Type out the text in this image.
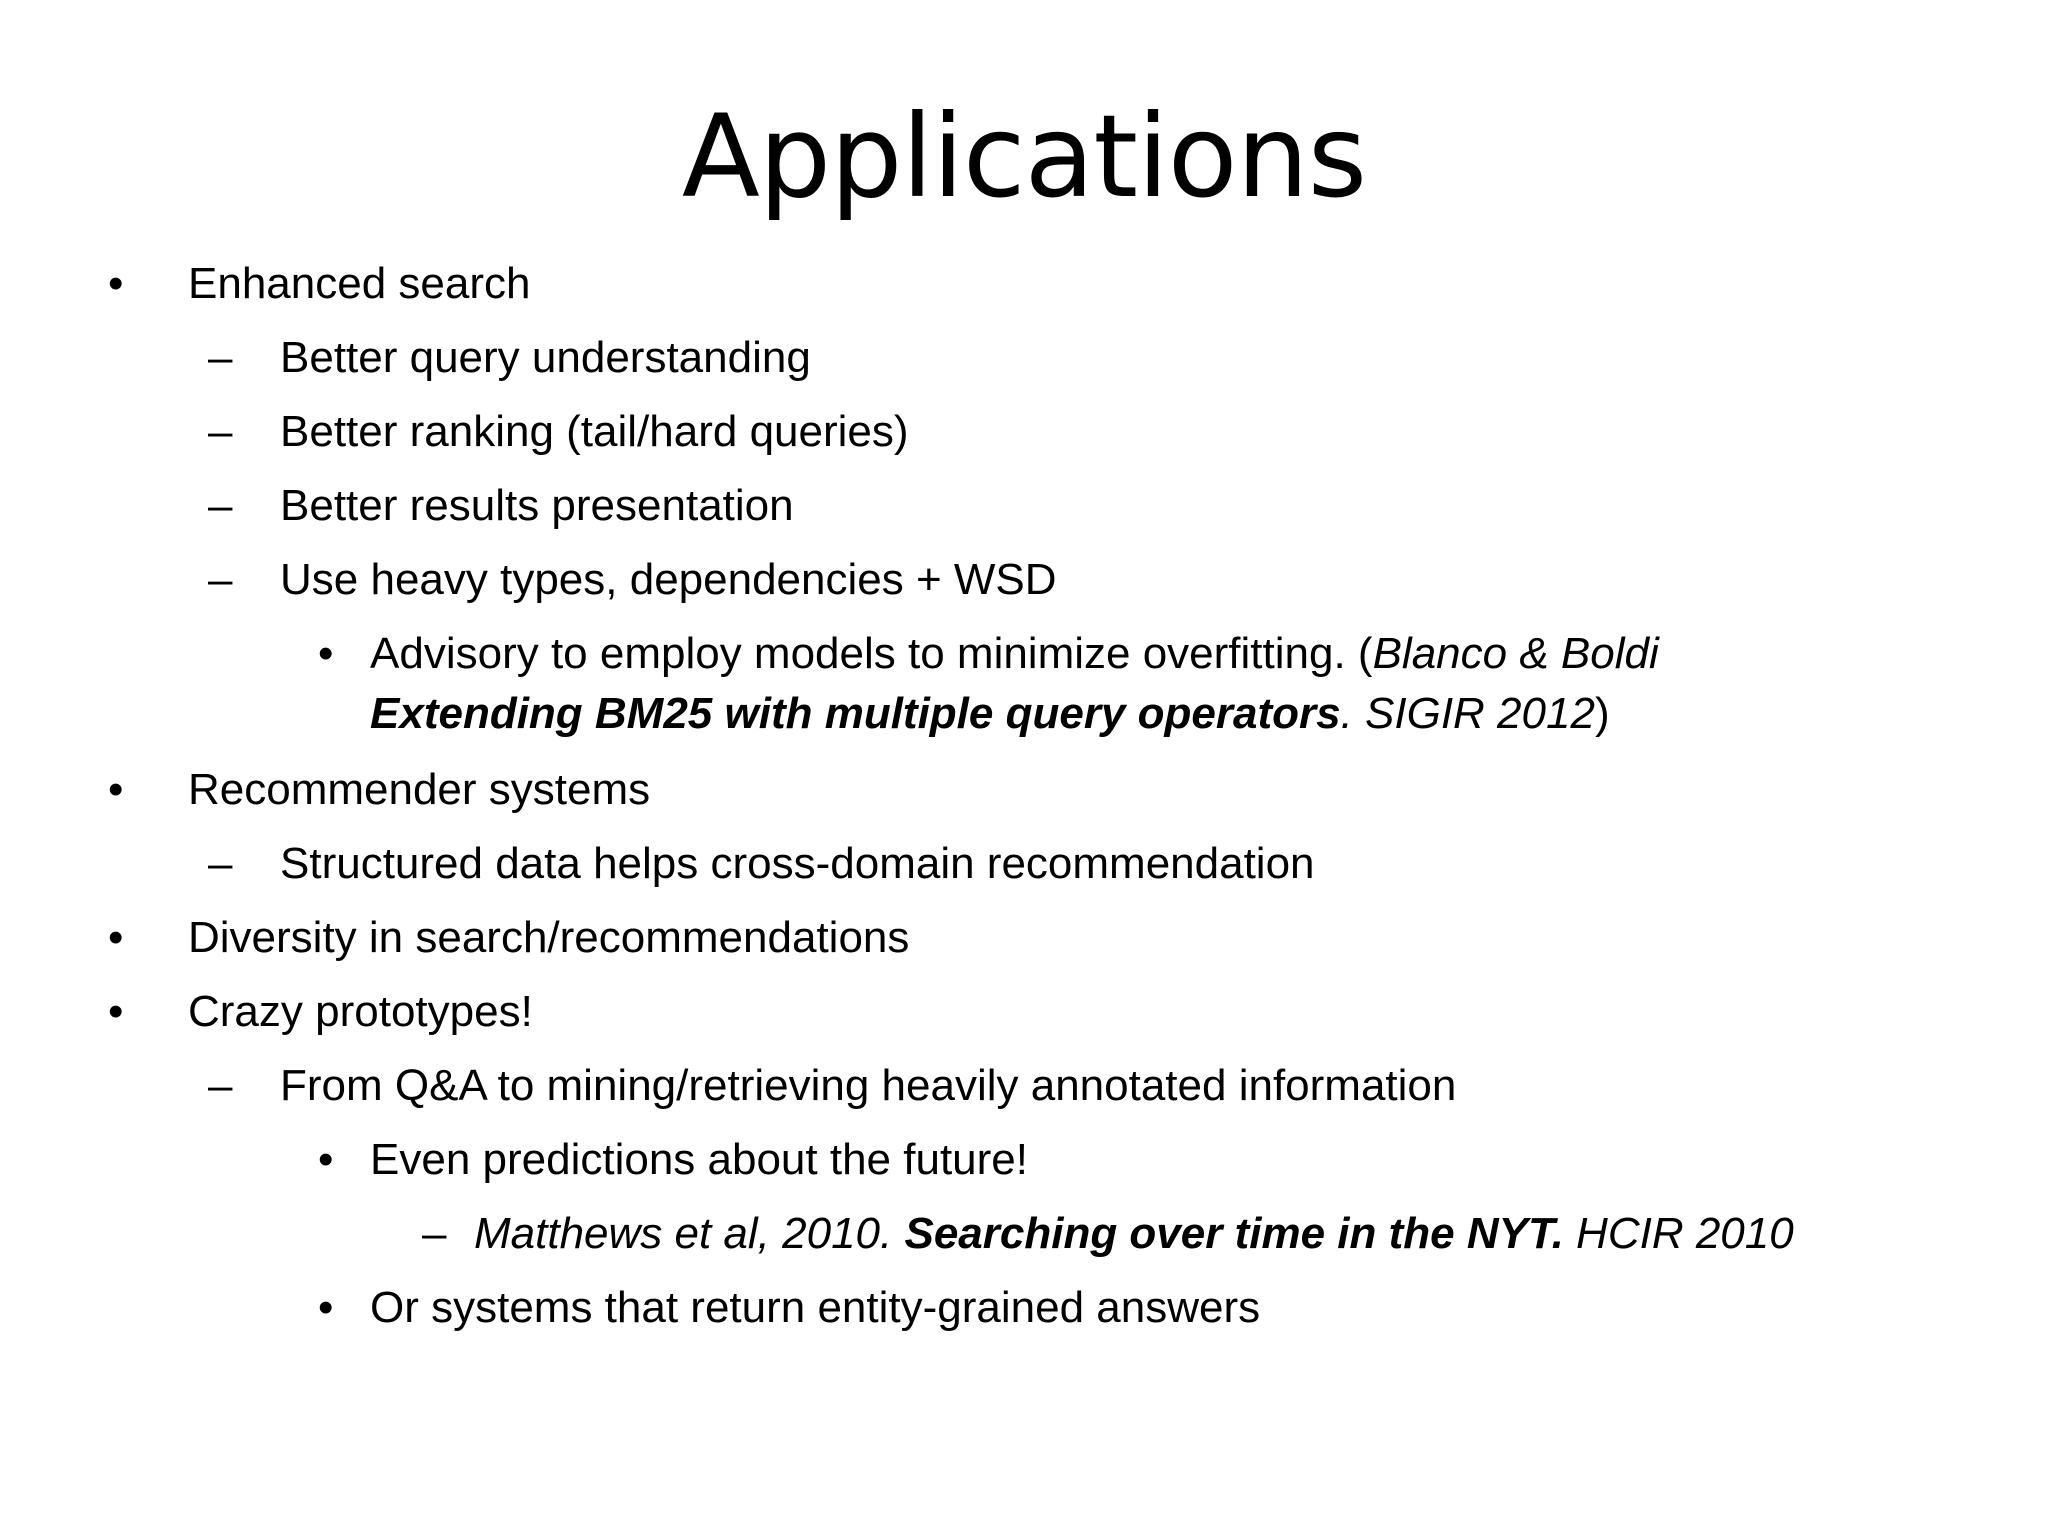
Applications
• Enhanced search
– Better query understanding
– Better ranking (tail/hard queries)
– Better results presentation
– Use heavy types, dependencies + WSD
• Advisory to employ models to minimize overfitting. (Blanco & Boldi
Extending BM25 with multiple query operators. SIGIR 2012)
• Recommender systems
– Structured data helps cross-domain recommendation
• Diversity in search/recommendations
• Crazy prototypes!
– From Q&A to mining/retrieving heavily annotated information
• Even predictions about the future!
– Matthews et al, 2010. Searching over time in the NYT. HCIR 2010
• Or systems that return entity-grained answers
